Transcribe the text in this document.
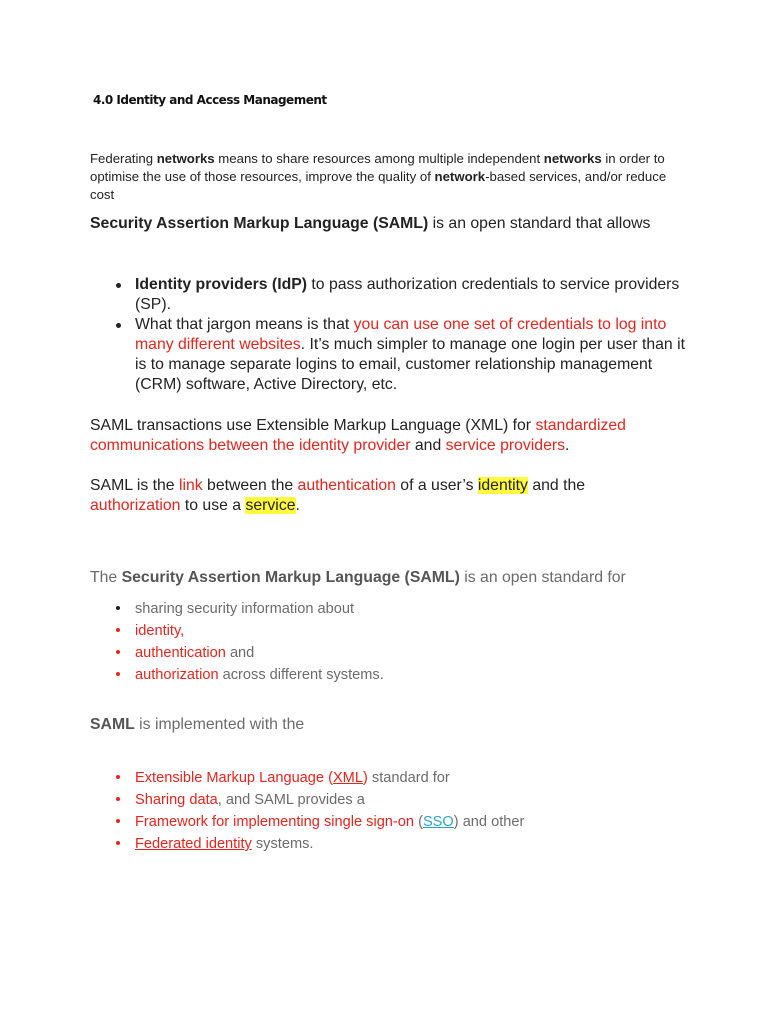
4.0 Identity and Access Management

Federating networks means to share resources among multiple independent networks in order to optimise the use of those resources, improve the quality of network-based services, and/or reduce cost

Security Assertion Markup Language (SAML) is an open standard that allows

Identity providers (IdP) to pass authorization credentials to service providers (SP).
What that jargon means is that you can use one set of credentials to log into many different websites. It’s much simpler to manage one login per user than it is to manage separate logins to email, customer relationship management (CRM) software, Active Directory, etc.

SAML transactions use Extensible Markup Language (XML) for standardized communications between the identity provider and service providers.

SAML is the link between the authentication of a user’s identity and the authorization to use a service.

The Security Assertion Markup Language (SAML) is an open standard for

sharing security information about
identity,
authentication and
authorization across different systems.

SAML is implemented with the

Extensible Markup Language (XML) standard for
Sharing data, and SAML provides a
Framework for implementing single sign-on (SSO) and other
Federated identity systems.
